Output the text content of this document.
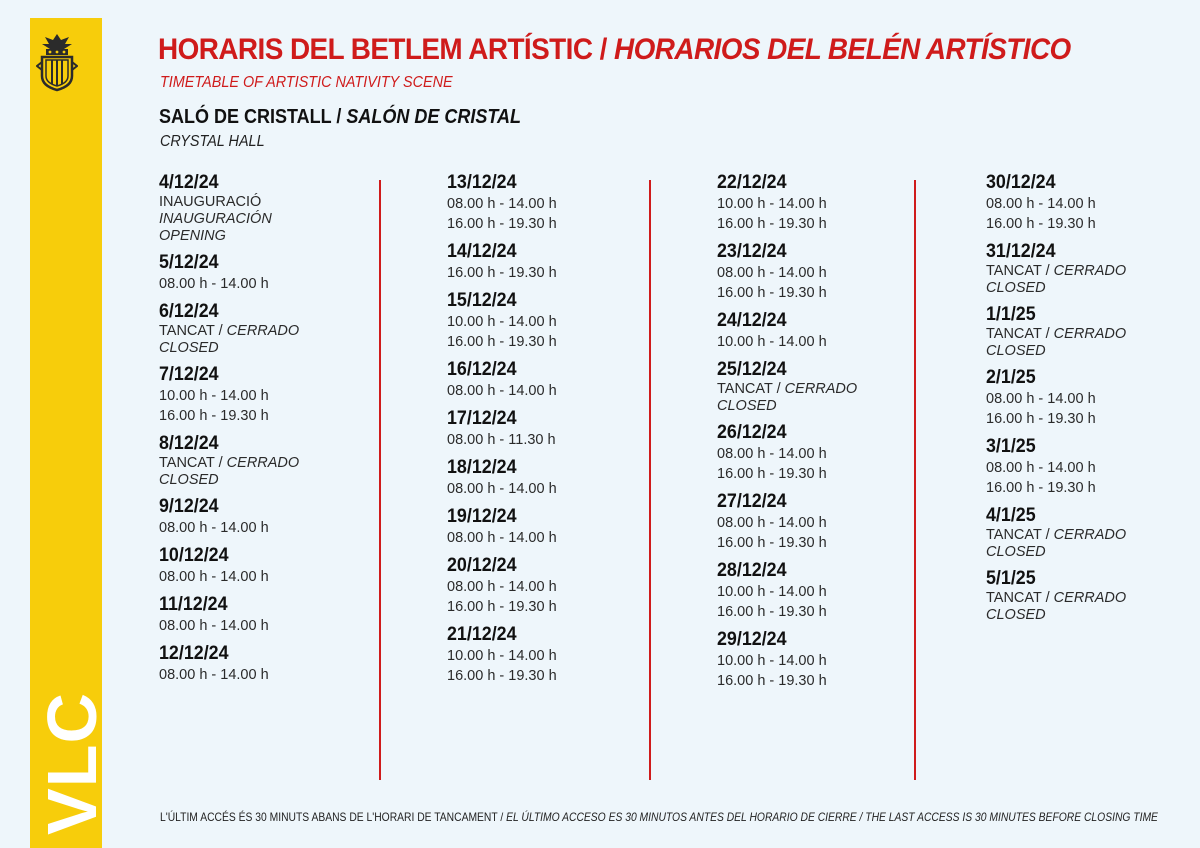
VLC
HORARIS DEL BETLEM ARTÍSTIC / HORARIOS DEL BELÉN ARTÍSTICO
TIMETABLE OF ARTISTIC NATIVITY SCENE
SALÓ DE CRISTALL / SALÓN DE CRISTAL
CRYSTAL HALL
4/12/24
INAUGURACIÓ
INAUGURACIÓN
OPENING
5/12/24
08.00 h - 14.00 h
6/12/24
TANCAT / CERRADO
CLOSED
7/12/24
10.00 h - 14.00 h
16.00 h - 19.30 h
8/12/24
TANCAT / CERRADO
CLOSED
9/12/24
08.00 h - 14.00 h
10/12/24
08.00 h - 14.00 h
11/12/24
08.00 h - 14.00 h
12/12/24
08.00 h - 14.00 h
13/12/24
08.00 h - 14.00 h
16.00 h - 19.30 h
14/12/24
16.00 h - 19.30 h
15/12/24
10.00 h - 14.00 h
16.00 h - 19.30 h
16/12/24
08.00 h - 14.00 h
17/12/24
08.00 h - 11.30 h
18/12/24
08.00 h - 14.00 h
19/12/24
08.00 h - 14.00 h
20/12/24
08.00 h - 14.00 h
16.00 h - 19.30 h
21/12/24
10.00 h - 14.00 h
16.00 h - 19.30 h
22/12/24
10.00 h - 14.00 h
16.00 h - 19.30 h
23/12/24
08.00 h - 14.00 h
16.00 h - 19.30 h
24/12/24
10.00 h - 14.00 h
25/12/24
TANCAT / CERRADO
CLOSED
26/12/24
08.00 h - 14.00 h
16.00 h - 19.30 h
27/12/24
08.00 h - 14.00 h
16.00 h - 19.30 h
28/12/24
10.00 h - 14.00 h
16.00 h - 19.30 h
29/12/24
10.00 h - 14.00 h
16.00 h - 19.30 h
30/12/24
08.00 h - 14.00 h
16.00 h - 19.30 h
31/12/24
TANCAT / CERRADO
CLOSED
1/1/25
TANCAT / CERRADO
CLOSED
2/1/25
08.00 h - 14.00 h
16.00 h - 19.30 h
3/1/25
08.00 h - 14.00 h
16.00 h - 19.30 h
4/1/25
TANCAT / CERRADO
CLOSED
5/1/25
TANCAT / CERRADO
CLOSED
L'ÚLTIM ACCÉS ÉS 30 MINUTS ABANS DE L'HORARI DE TANCAMENT / EL ÚLTIMO ACCESO ES 30 MINUTOS ANTES DEL HORARIO DE CIERRE / THE LAST ACCESS IS 30 MINUTES BEFORE CLOSING TIME
